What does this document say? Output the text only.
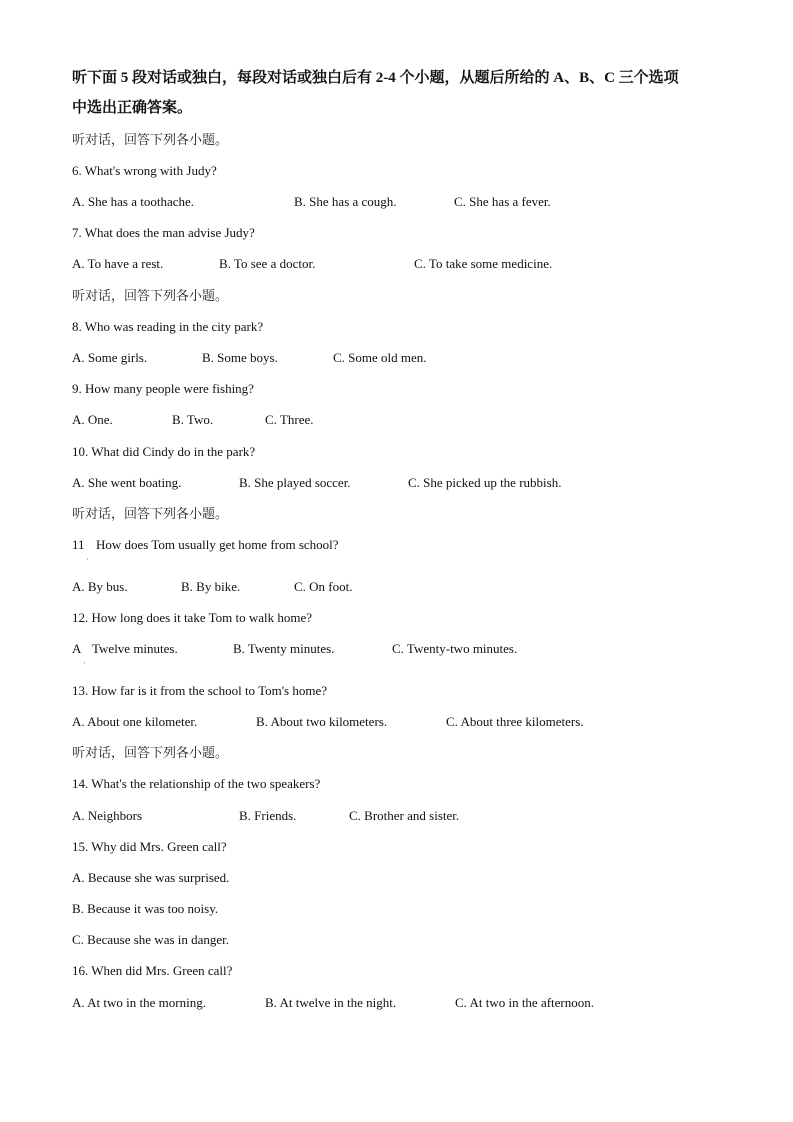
听下面 5 段对话或独白，每段对话或独白后有 2-4 个小题，从题后所给的 A、B、C 三个选项
中选出正确答案。
听对话，回答下列各小题。
6. What's wrong with Judy?
A. She has a toothache.	B. She has a cough.	C. She has a fever.
7. What does the man advise Judy?
A. To have a rest.	B. To see a doctor.	C. To take some medicine.
听对话，回答下列各小题。
8. Who was reading in the city park?
A. Some girls.	B. Some boys.	C. Some old men.
9. How many people were fishing?
A. One.	B. Two.	C. Three.
10. What did Cindy do in the park?
A. She went boating.	B. She played soccer.	C. She picked up the rubbish.
听对话，回答下列各小题。
11
·
How does Tom usually get home from school?
A. By bus.	B. By bike.	C. On foot.
12. How long does it take Tom to walk home?
A
·
Twelve minutes.	B. Twenty minutes.	C. Twenty-two minutes.
13. How far is it from the school to Tom's home?
A. About one kilometer.	B. About two kilometers.	C. About three kilometers.
听对话，回答下列各小题。
14. What's the relationship of the two speakers?
A. Neighbors	B. Friends.	C. Brother and sister.
15. Why did Mrs. Green call?
A. Because she was surprised.
B. Because it was too noisy.
C. Because she was in danger.
16. When did Mrs. Green call?
A. At two in the morning.	B. At twelve in the night.	C. At two in the afternoon.
